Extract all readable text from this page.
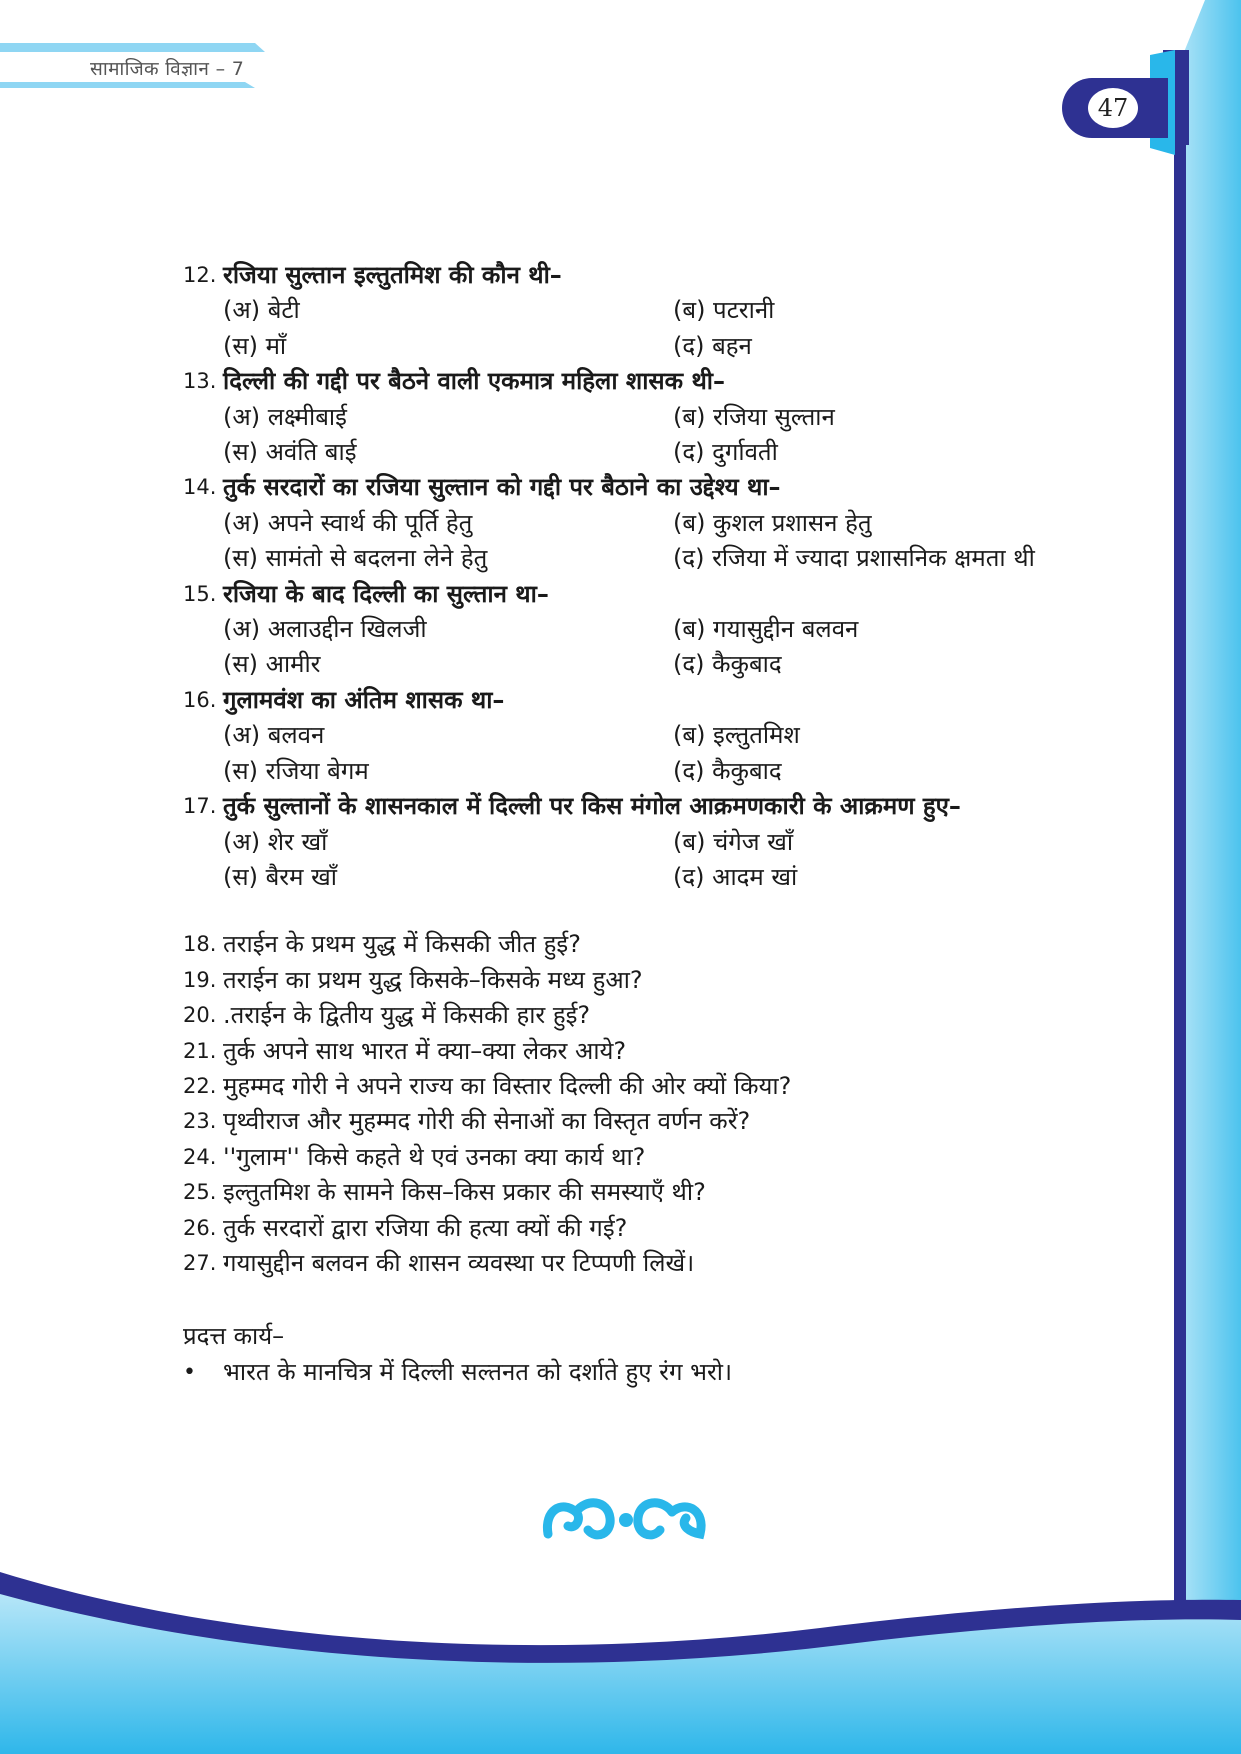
सामाजिक विज्ञान – 7
47
12. रजिया सुल्तान इल्तुतमिश की कौन थी–
(अ) बेटी	(ब) पटरानी
(स) माँ	(द) बहन
13. दिल्ली की गद्दी पर बैठने वाली एकमात्र महिला शासक थी–
(अ) लक्ष्मीबाई	(ब) रजिया सुल्तान
(स) अवंति बाई	(द) दुर्गावती
14. तुर्क सरदारों का रजिया सुल्तान को गद्दी पर बैठाने का उद्देश्य था–
(अ) अपने स्वार्थ की पूर्ति हेतु	(ब) कुशल प्रशासन हेतु
(स) सामंतो से बदलना लेने हेतु	(द) रजिया में ज्यादा प्रशासनिक क्षमता थी
15. रजिया के बाद दिल्ली का सुल्तान था–
(अ) अलाउद्दीन खिलजी	(ब) गयासुद्दीन बलवन
(स) आमीर	(द) कैकुबाद
16. गुलामवंश का अंतिम शासक था–
(अ) बलवन	(ब) इल्तुतमिश
(स) रजिया बेगम	(द) कैकुबाद
17. तुर्क सुल्तानों के शासनकाल में दिल्ली पर किस मंगोल आक्रमणकारी के आक्रमण हुए–
(अ) शेर खाँ	(ब) चंगेज खाँ
(स) बैरम खाँ	(द) आदम खां
18. तराईन के प्रथम युद्ध में किसकी जीत हुई?
19. तराईन का प्रथम युद्ध किसके–किसके मध्य हुआ?
20. .तराईन के द्वितीय युद्ध में किसकी हार हुई?
21. तुर्क अपने साथ भारत में क्या–क्या लेकर आये?
22. मुहम्मद गोरी ने अपने राज्य का विस्तार दिल्ली की ओर क्यों किया?
23. पृथ्वीराज और मुहम्मद गोरी की सेनाओं का विस्तृत वर्णन करें?
24. ''गुलाम'' किसे कहते थे एवं उनका क्या कार्य था?
25. इल्तुतमिश के सामने किस–किस प्रकार की समस्याएँ थी?
26. तुर्क सरदारों द्वारा रजिया की हत्या क्यों की गई?
27. गयासुद्दीन बलवन की शासन व्यवस्था पर टिप्पणी लिखें।
प्रदत्त कार्य–
•	भारत के मानचित्र में दिल्ली सल्तनत को दर्शाते हुए रंग भरो।
